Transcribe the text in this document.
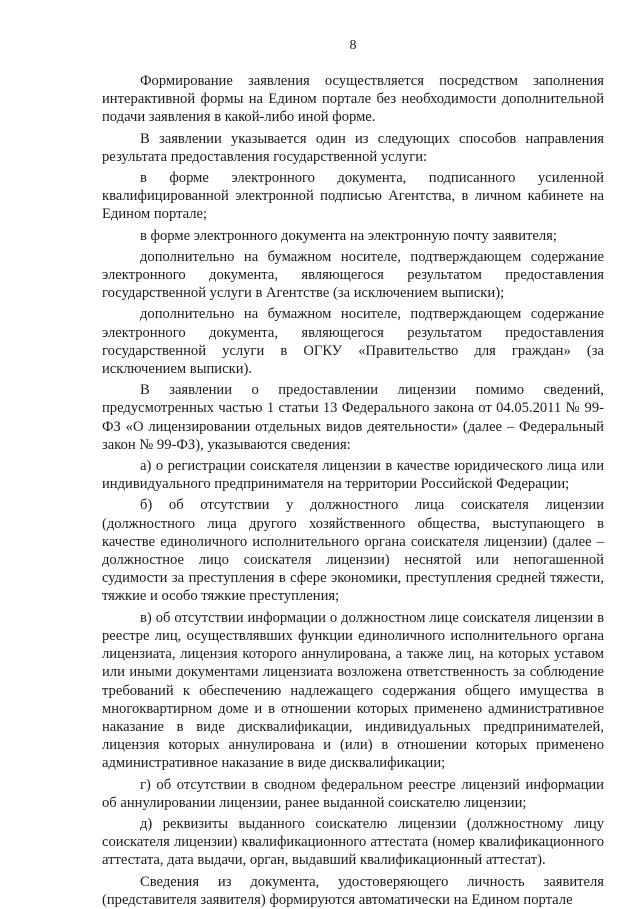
8

Формирование заявления осуществляется посредством заполнения интерактивной формы на Едином портале без необходимости дополнительной подачи заявления в какой-либо иной форме.

В заявлении указывается один из следующих способов направления результата предоставления государственной услуги:

в форме электронного документа, подписанного усиленной квалифицированной электронной подписью Агентства, в личном кабинете на Едином портале;

в форме электронного документа на электронную почту заявителя;

дополнительно на бумажном носителе, подтверждающем содержание электронного документа, являющегося результатом предоставления государственной услуги в Агентстве (за исключением выписки);

дополнительно на бумажном носителе, подтверждающем содержание электронного документа, являющегося результатом предоставления государственной услуги в ОГКУ «Правительство для граждан» (за исключением выписки).

В заявлении о предоставлении лицензии помимо сведений, предусмотренных частью 1 статьи 13 Федерального закона от 04.05.2011 № 99-ФЗ «О лицензировании отдельных видов деятельности» (далее – Федеральный закон № 99-ФЗ), указываются сведения:

а) о регистрации соискателя лицензии в качестве юридического лица или индивидуального предпринимателя на территории Российской Федерации;

б) об отсутствии у должностного лица соискателя лицензии (должностного лица другого хозяйственного общества, выступающего в качестве единоличного исполнительного органа соискателя лицензии) (далее – должностное лицо соискателя лицензии) неснятой или непогашенной судимости за преступления в сфере экономики, преступления средней тяжести, тяжкие и особо тяжкие преступления;

в) об отсутствии информации о должностном лице соискателя лицензии в реестре лиц, осуществлявших функции единоличного исполнительного органа лицензиата, лицензия которого аннулирована, а также лиц, на которых уставом или иными документами лицензиата возложена ответственность за соблюдение требований к обеспечению надлежащего содержания общего имущества в многоквартирном доме и в отношении которых применено административное наказание в виде дисквалификации, индивидуальных предпринимателей, лицензия которых аннулирована и (или) в отношении которых применено административное наказание в виде дисквалификации;

г) об отсутствии в сводном федеральном реестре лицензий информации об аннулировании лицензии, ранее выданной соискателю лицензии;

д) реквизиты выданного соискателю лицензии (должностному лицу соискателя лицензии) квалификационного аттестата (номер квалификационного аттестата, дата выдачи, орган, выдавший квалификационный аттестат).

Сведения из документа, удостоверяющего личность заявителя (представителя заявителя) формируются автоматически на Едином портале
